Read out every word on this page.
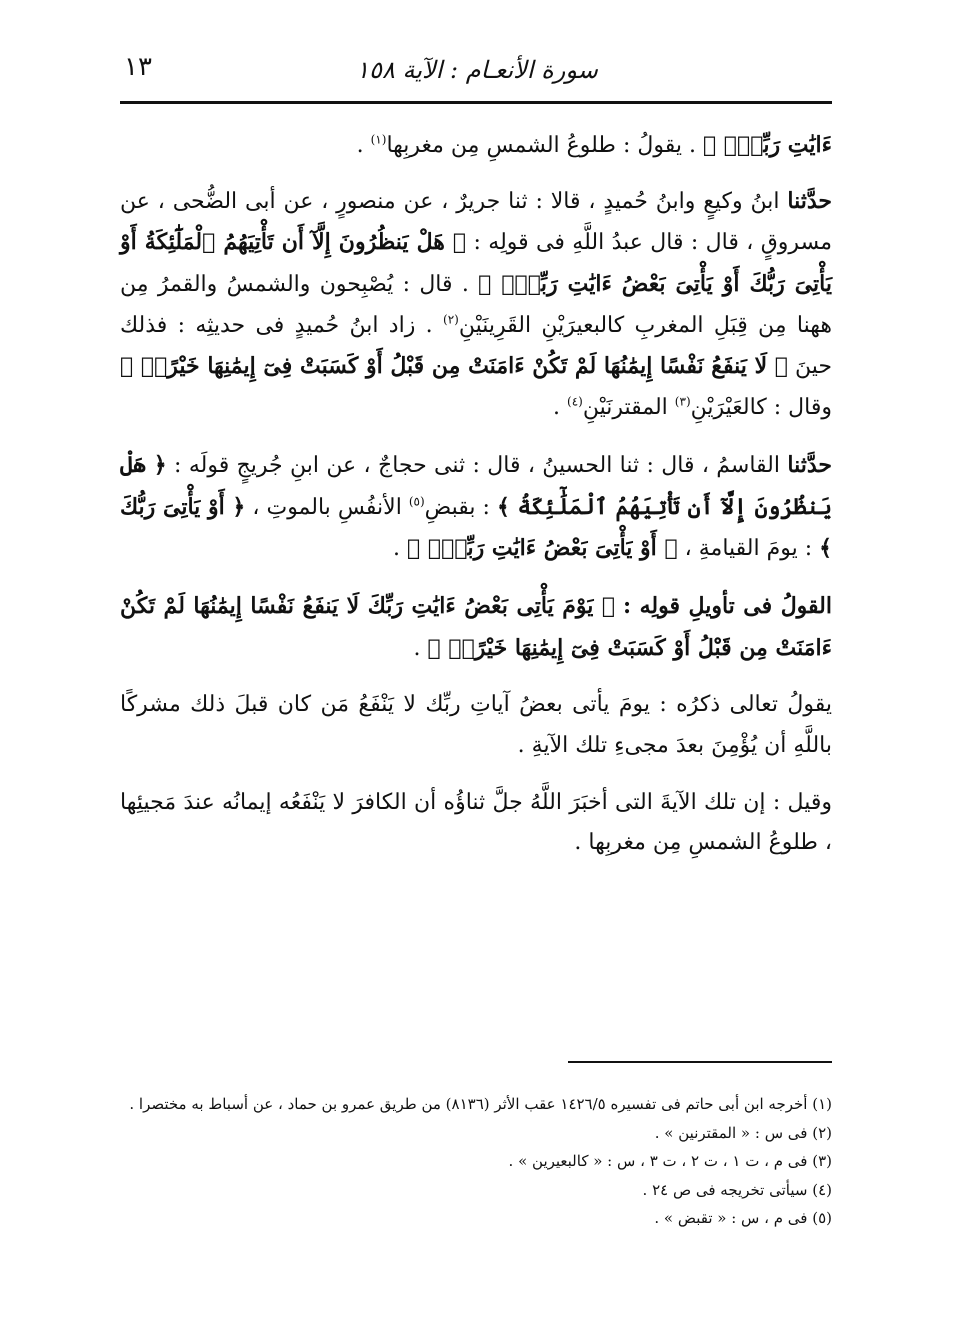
سورة الأنعـام : الآية ١٥٨
١٣

ءَايَٰتِ رَبِّكَۗ ﴾ . يقولُ : طلوعُ الشمسِ مِن مغربِها$^{(١)}$ .

حدَّثنا ابنُ وكيعٍ وابنُ حُميدٍ ، قالا : ثنا جريرٌ ، عن منصورٍ ، عن أبى الضُّحى ، عن مسروقٍ ، قال : قال عبدُ اللَّهِ فى قولِه : ﴿ هَلْ يَنظُرُونَ إِلَّآ أَن تَأْتِيَهُمُ ٱلْمَلَٰٓئِكَةُ أَوْ يَأْتِىَ رَبُّكَ أَوْ يَأْتِىَ بَعْضُ ءَايَٰتِ رَبِّكَۗ ﴾ . قال : يُصْبِحون والشمسُ والقمرُ مِن ههنا مِن قِبَلِ المغربِ كالبعيرَيْنِ القَرِينَيْنِ$^{(٢)}$ . زاد ابنُ حُميدٍ فى حديثِه : فذلك حينَ ﴿ لَا يَنفَعُ نَفْسًا إِيمَٰنُهَا لَمْ تَكُنْ ءَامَنَتْ مِن قَبْلُ أَوْ كَسَبَتْ فِىٓ إِيمَٰنِهَا خَيْرًاۗ ﴾ وقال : كالعَيْرَيْنِ$^{(٣)}$ المقترنَيْنِ$^{(٤)}$ .

حدَّثنا القاسمُ ، قال : ثنا الحسينُ ، قال : ثنى حجاجٌ ، عن ابنِ جُريجٍ قولَه : ﴿ هَلْ يَنظُرُونَ إِلَّآ أَن تَأْتِيَهُمُ ٱلْمَلَٰٓئِكَةُ ﴾ : بقبضِ$^{(٥)}$ الأنفُسِ بالموتِ ، ﴿ أَوْ يَأْتِىَ رَبُّكَ ﴾ : يومَ القيامةِ ، ﴿ أَوْ يَأْتِىَ بَعْضُ ءَايَٰتِ رَبِّكَۗ ﴾ .

القولُ فى تأويلِ قولِه : ﴿ يَوْمَ يَأْتِى بَعْضُ ءَايَٰتِ رَبِّكَ لَا يَنفَعُ نَفْسًا إِيمَٰنُهَا لَمْ تَكُنْ ءَامَنَتْ مِن قَبْلُ أَوْ كَسَبَتْ فِىٓ إِيمَٰنِهَا خَيْرًاۗ ﴾ .

يقولُ تعالى ذكرُه : يومَ يأتى بعضُ آياتِ ربِّك لا يَنْفَعُ مَن كان قبلَ ذلك مشركًا باللَّهِ أن يُؤْمِنَ بعدَ مجىءِ تلك الآيةِ .

وقيل : إن تلك الآيةَ التى أخبَرَ اللَّهُ جلَّ ثناؤُه أن الكافرَ لا يَنْفَعُه إيمانُه عندَ مَجيئِها ، طلوعُ الشمسِ مِن مغربِها .

(١) أخرجه ابن أبى حاتم فى تفسيره ١٤٢٦/٥ عقب الأثر (٨١٣٦) من طريق عمرو بن حماد ، عن أسباط به مختصرا .

(٢) فى س : « المقترنين » .

(٣) فى م ، ت ١ ، ت ٢ ، ت ٣ ، س : « كالبعيرين » .

(٤) سيأتى تخريجه فى ص ٢٤ .

(٥) فى م ، س : « تقبض » .
